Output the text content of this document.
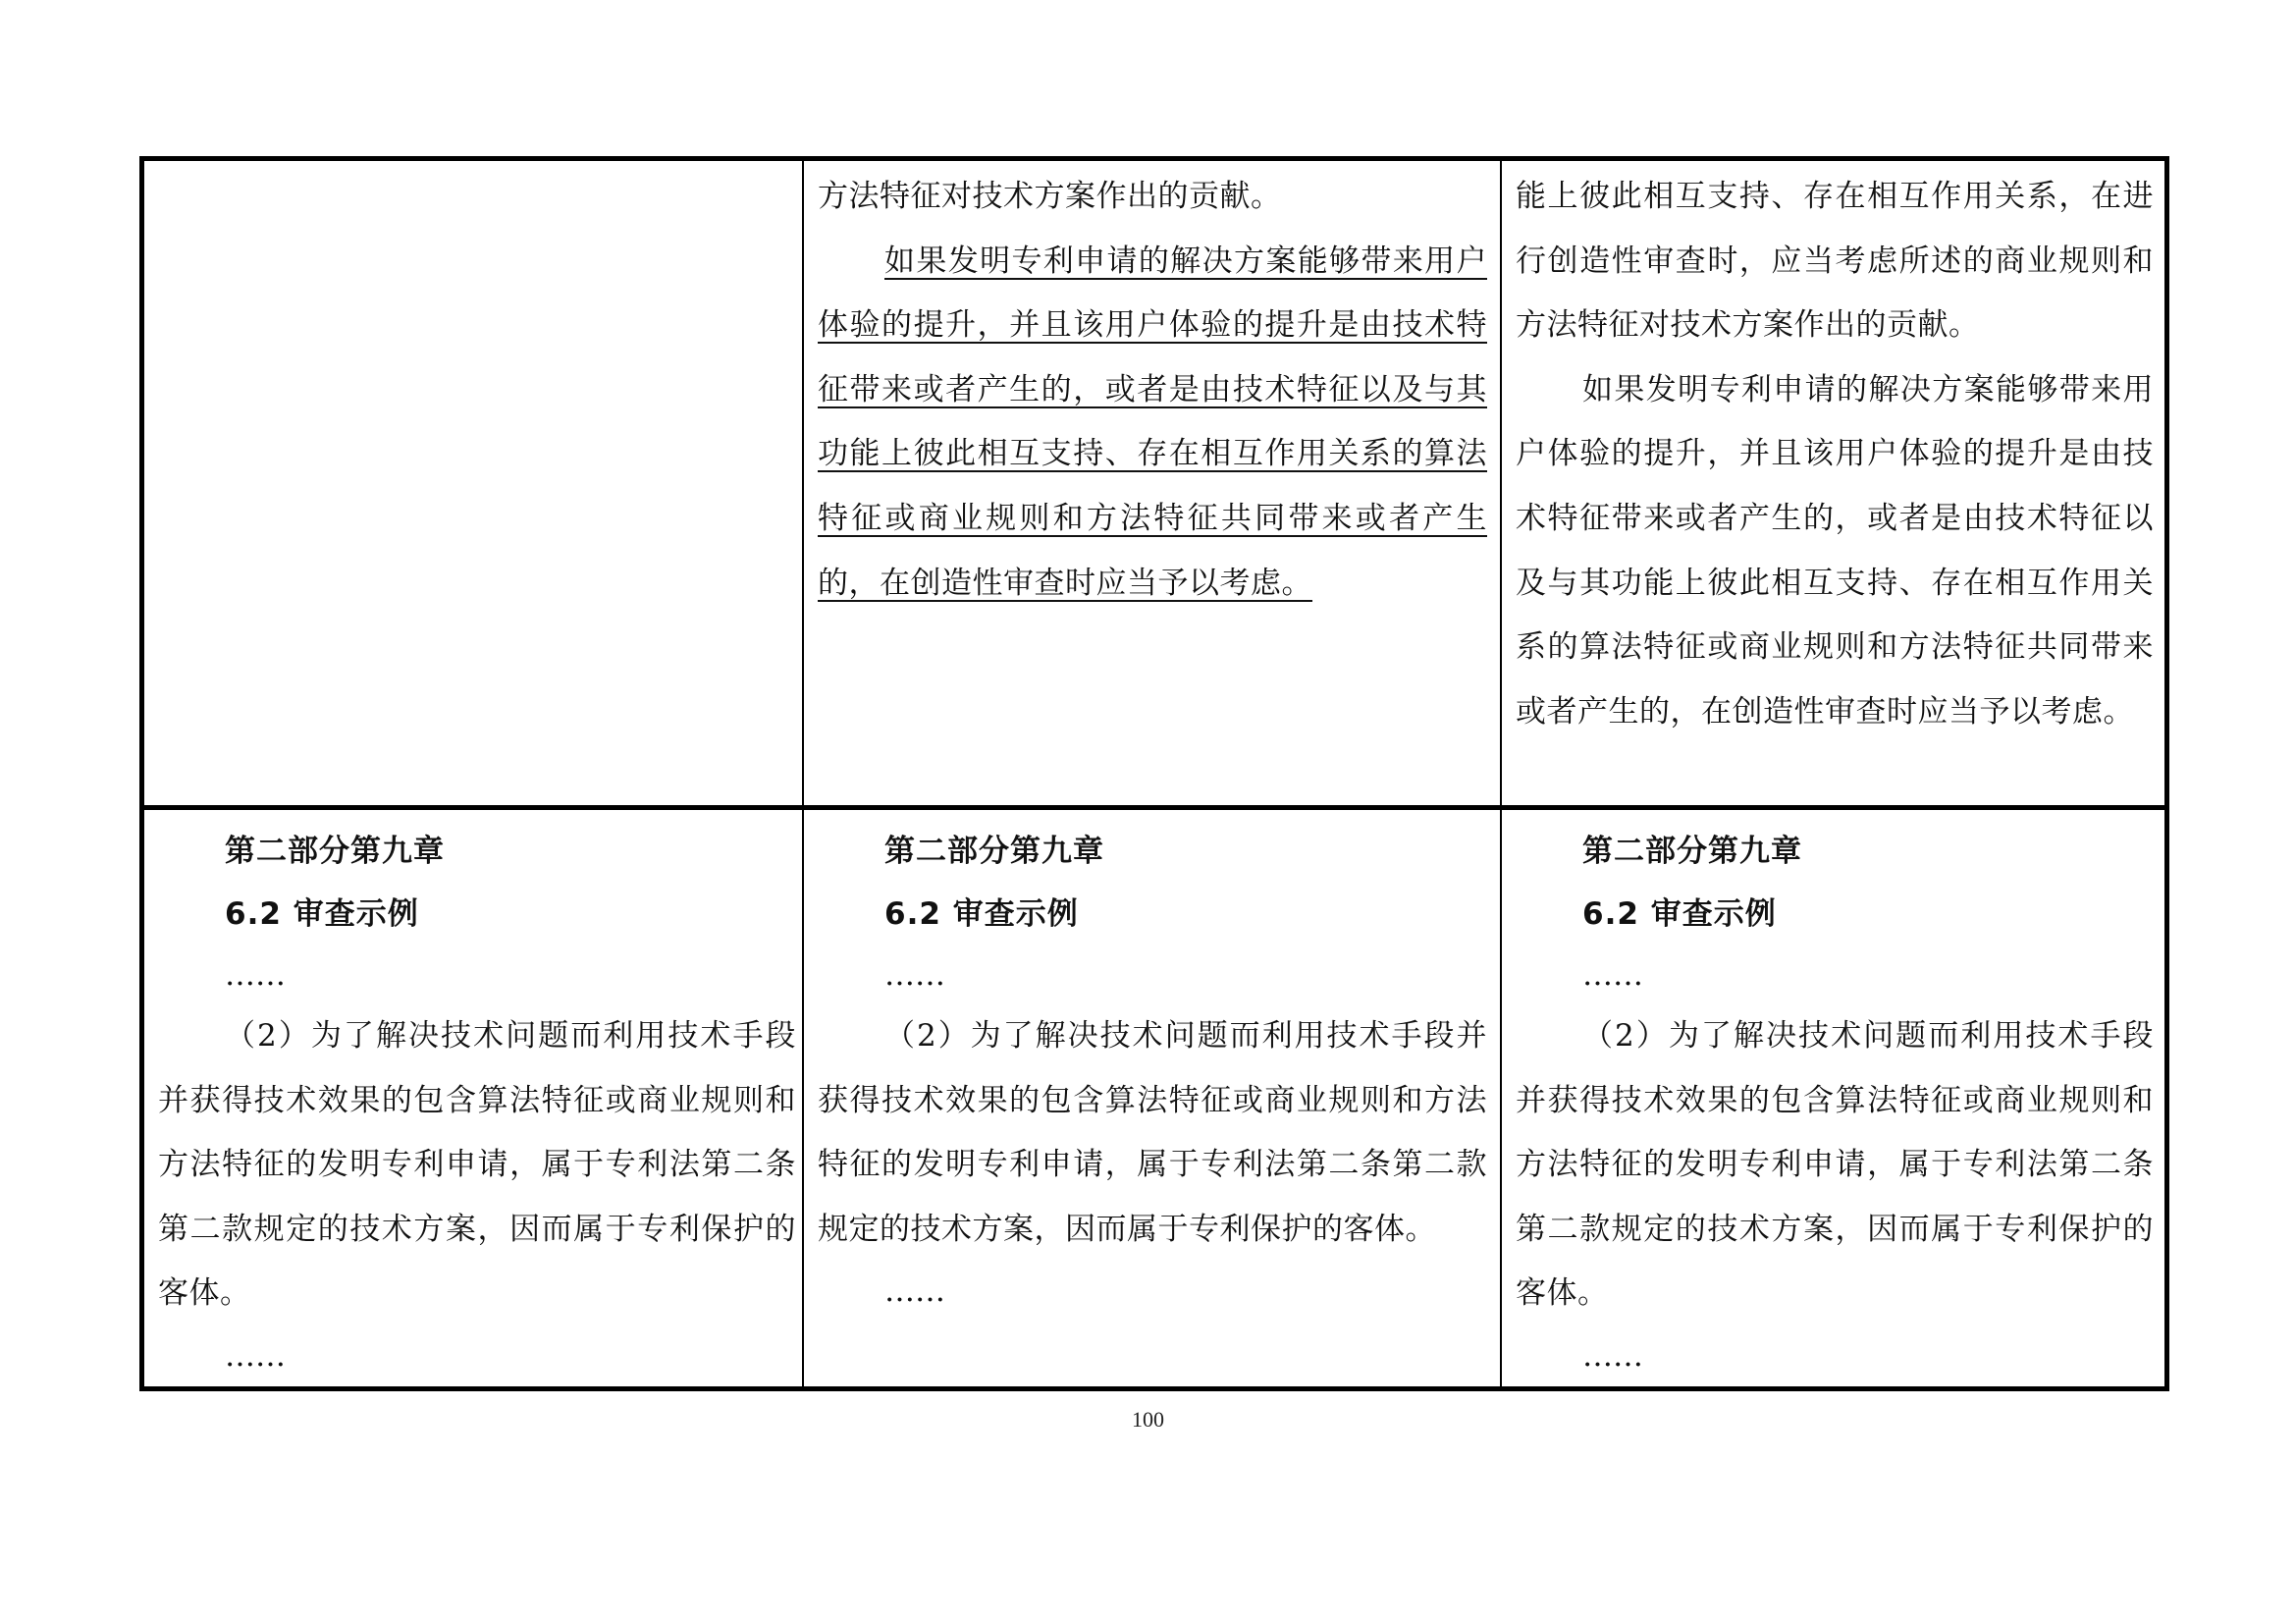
方法特征对技术方案作出的贡献。

如果发明专利申请的解决方案能够带来用户体验的提升，并且该用户体验的提升是由技术特征带来或者产生的，或者是由技术特征以及与其功能上彼此相互支持、存在相互作用关系的算法特征或商业规则和方法特征共同带来或者产生的，在创造性审查时应当予以考虑。

能上彼此相互支持、存在相互作用关系，在进行创造性审查时，应当考虑所述的商业规则和方法特征对技术方案作出的贡献。

如果发明专利申请的解决方案能够带来用户体验的提升，并且该用户体验的提升是由技术特征带来或者产生的，或者是由技术特征以及与其功能上彼此相互支持、存在相互作用关系的算法特征或商业规则和方法特征共同带来或者产生的，在创造性审查时应当予以考虑。

第二部分第九章
6.2 审查示例
……
（2）为了解决技术问题而利用技术手段并获得技术效果的包含算法特征或商业规则和方法特征的发明专利申请，属于专利法第二条第二款规定的技术方案，因而属于专利保护的客体。
……
第二部分第九章
6.2 审查示例
……
（2）为了解决技术问题而利用技术手段并获得技术效果的包含算法特征或商业规则和方法特征的发明专利申请，属于专利法第二条第二款规定的技术方案，因而属于专利保护的客体。
……
第二部分第九章
6.2 审查示例
……
（2）为了解决技术问题而利用技术手段并获得技术效果的包含算法特征或商业规则和方法特征的发明专利申请，属于专利法第二条第二款规定的技术方案，因而属于专利保护的客体。
……
100
